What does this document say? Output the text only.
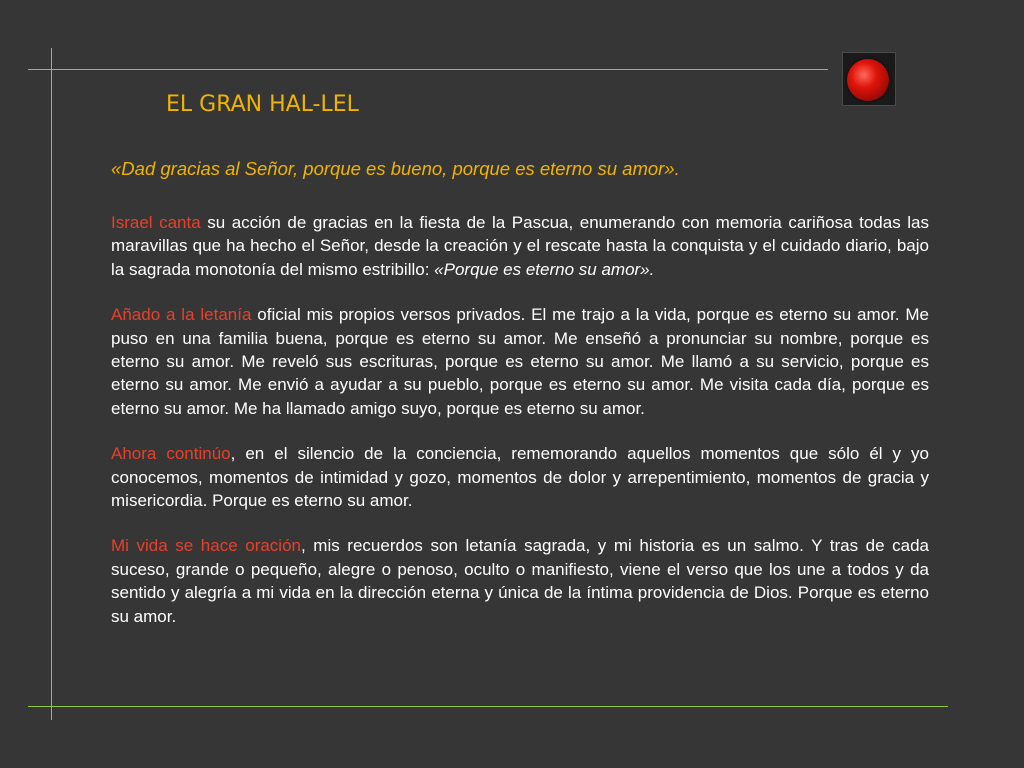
EL GRAN HAL-LEL

«Dad gracias al Señor, porque es bueno, porque es eterno su amor».

Israel canta su acción de gracias en la fiesta de la Pascua, enumerando con memoria cariñosa todas las maravillas que ha hecho el Señor, desde la creación y el rescate hasta la conquista y el cuidado diario, bajo la sagrada monotonía del mismo estribillo: «Porque es eterno su amor».

Añado a la letanía oficial mis propios versos privados. El me trajo a la vida, porque es eterno su amor. Me puso en una familia buena, porque es eterno su amor. Me enseñó a pronunciar su nombre, porque es eterno su amor. Me reveló sus escrituras, porque es eterno su amor. Me llamó a su servicio, porque es eterno su amor. Me envió a ayudar a su pueblo, porque es eterno su amor. Me visita cada día, porque es eterno su amor. Me ha llamado amigo suyo, porque es eterno su amor.

Ahora continúo, en el silencio de la conciencia, rememorando aquellos momentos que sólo él y yo conocemos, momentos de intimidad y gozo, momentos de dolor y arrepentimiento, momentos de gracia y misericordia. Porque es eterno su amor.

Mi vida se hace oración, mis recuerdos son letanía sagrada, y mi historia es un salmo. Y tras de cada suceso, grande o pequeño, alegre o penoso, oculto o manifiesto, viene el verso que los une a todos y da sentido y alegría a mi vida en la dirección eterna y única de la íntima providencia de Dios. Porque es eterno su amor.
